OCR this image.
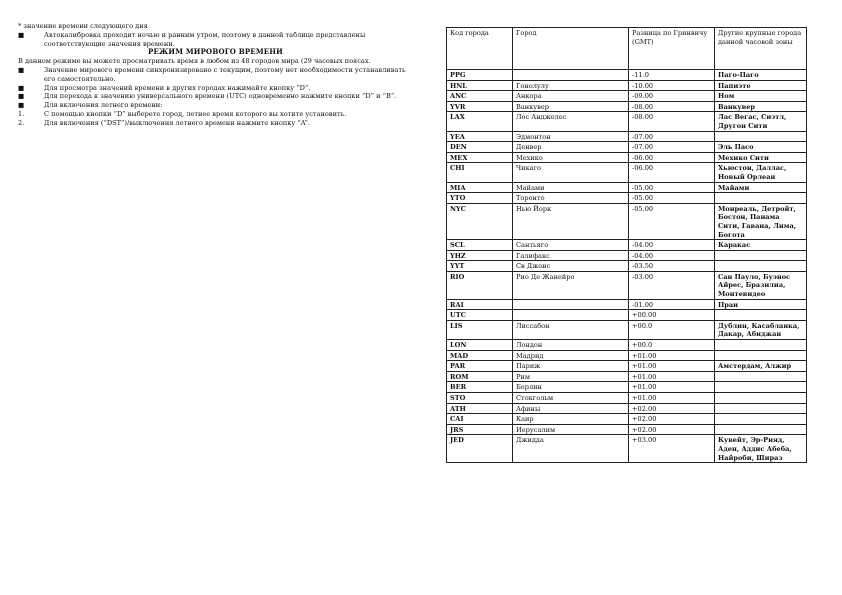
* значение времени следующего дня

■	Автокалибровка проходит ночью и ранним утром, поэтому в данной таблице представлены соответствующие значения времени.

РЕЖИМ МИРОВОГО ВРЕМЕНИ

В данном режиме вы можете просматривать время в любом из 48 городов мира (29 часовых поясах.

■	Значение мирового времени синхронизировано с текущим, поэтому нет необходимости устанавливать его самостоятельно.
■	Для просмотра значений времени в других городах нажимайте кнопку “D”.
■	Для перехода к значению универсального времени (UTC) одновременно нажмите кнопки “D” и “B”.
■	Для включения летнего времени:
1.	С помощью кнопки “D” выберете город, летнее время которого вы хотите установить.
2.	Для включения (“DST”)/выключения летнего времени нажмите кнопку “A”.
Код города	Город	Разница по Гринвичу (GMT)	Другие крупные города данной часовой зоны
PPG		-11.0	Паго-Паго
HNL	Гонолулу	-10.00	Папиэте
ANC	Анкора	-09.00	Ном
YVR	Ванкувер	-08.00	Ванкувер
LAX	Лос Анджелес	-08.00	Лас Вегас, Сиэтл, Другон Сити
YEA	Эдмонтон	-07.00	
DEN	Денвер	-07.00	Эль Пасо
MEX	Мехико	-06.00	Мехико Сити
CHI	Чикаго	-06.00	Хьюстон, Даллас, Новый Орлеан
MIA	Майами	-05.00	Майами
YTO	Торонто	-05.00	
NYC	Нью Йорк	-05.00	Монреаль, Детройт, Бостон, Панама Сити, Гавана, Лима, Богота
SCL	Сантьяго	-04.00	Каракас
YHZ	Галифакс	-04.00	
YYT	Св Джонс	-03.50	
RIO	Рио Де Жанейро	-03.00	Сан Пауло, Буэнос Айрес, Бразилиа, Монтевидео
RAI		-01.00	Праи
UTC		+00.00	
LIS	Лиссабон	+00.0	Дублин, Касабланка, Дакар, Абиджан
LON	Лондон	+00.0	
MAD	Мадрид	+01.00	
PAR	Париж	+01.00	Амстердам, Алжир
ROM	Рим	+01.00	
BER	Берлин	+01.00	
STO	Стокгольм	+01.00	
ATH	Афины	+02.00	
CAI	Каир	+02.00	
JRS	Иерусалим	+02.00	
JED	Джидда	+03.00	Кувейт, Эр-Рияд, Аден, Аддис Абеба, Найроби, Шираз
